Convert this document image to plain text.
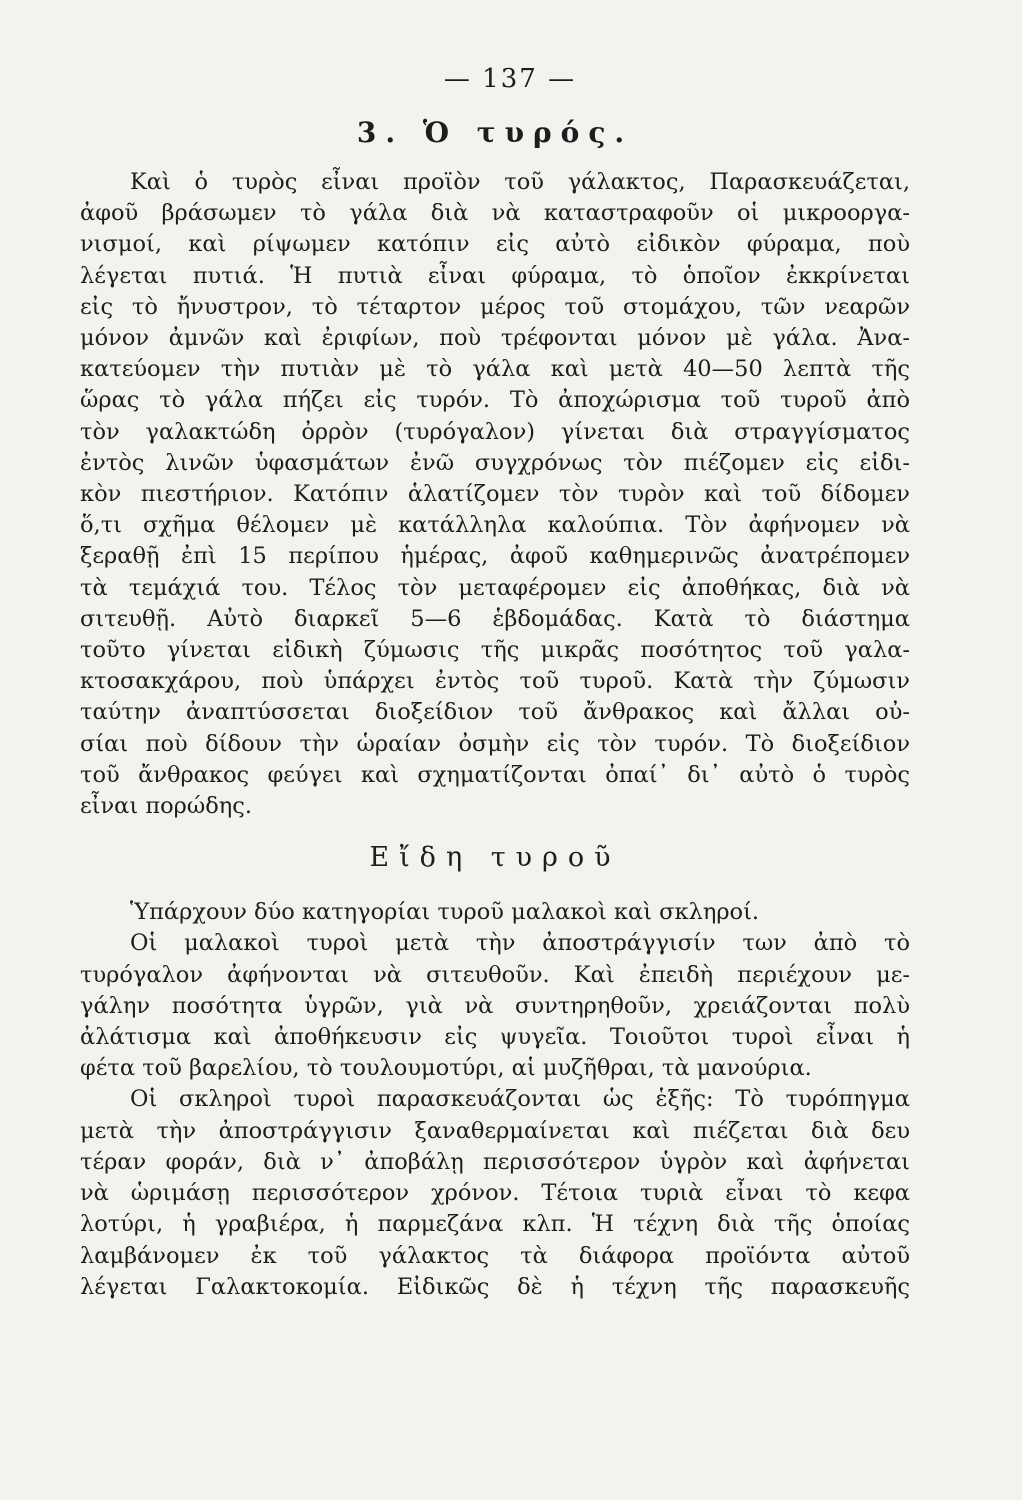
— 137 —
3. Ὁ τυρός.
Καὶ ὁ τυρὸς εἶναι προϊὸν τοῦ γάλακτος, Παρασκευάζεται,
ἀφοῦ βράσωμεν τὸ γάλα διὰ νὰ καταστραφοῦν οἱ μικροοργα-
νισμοί, καὶ ρίψωμεν κατόπιν εἰς αὐτὸ εἰδικὸν φύραμα, ποὺ
λέγεται πυτιά. Ἡ πυτιὰ εἶναι φύραμα, τὸ ὁποῖον ἐκκρίνεται
εἰς τὸ ἤνυστρον, τὸ τέταρτον μέρος τοῦ στομάχου, τῶν νεαρῶν
μόνον ἀμνῶν καὶ ἐριφίων, ποὺ τρέφονται μόνον μὲ γάλα. Ἀνα-
κατεύομεν τὴν πυτιὰν μὲ τὸ γάλα καὶ μετὰ 40—50 λεπτὰ τῆς
ὥρας τὸ γάλα πήζει εἰς τυρόν. Τὸ ἀποχώρισμα τοῦ τυροῦ ἀπὸ
τὸν γαλακτώδη ὀρρὸν (τυρόγαλον) γίνεται διὰ στραγγίσματος
ἐντὸς λινῶν ὑφασμάτων ἐνῶ συγχρόνως τὸν πιέζομεν εἰς εἰδι-
κὸν πιεστήριον. Κατόπιν ἁλατίζομεν τὸν τυρὸν καὶ τοῦ δίδομεν
ὅ,τι σχῆμα θέλομεν μὲ κατάλληλα καλούπια. Τὸν ἀφήνομεν νὰ
ξεραθῇ ἐπὶ 15 περίπου ἡμέρας, ἀφοῦ καθημερινῶς ἀνατρέπομεν
τὰ τεμάχιά του. Τέλος τὸν μεταφέρομεν εἰς ἀποθήκας, διὰ νὰ
σιτευθῇ. Αὐτὸ διαρκεῖ 5—6 ἑβδομάδας. Κατὰ τὸ διάστημα
τοῦτο γίνεται εἰδικὴ ζύμωσις τῆς μικρᾶς ποσότητος τοῦ γαλα-
κτοσακχάρου, ποὺ ὑπάρχει ἐντὸς τοῦ τυροῦ. Κατὰ τὴν ζύμωσιν
ταύτην ἀναπτύσσεται διοξείδιον τοῦ ἄνθρακος καὶ ἄλλαι οὐ-
σίαι ποὺ δίδουν τὴν ὡραίαν ὀσμὴν εἰς τὸν τυρόν. Τὸ διοξείδιον
τοῦ ἄνθρακος φεύγει καὶ σχηματίζονται ὀπαί᾽ δι᾽ αὐτὸ ὁ τυρὸς
εἶναι πορώδης.
Εἴδη τυροῦ
Ὑπάρχουν δύο κατηγορίαι τυροῦ μαλακοὶ καὶ σκληροί.
Οἱ μαλακοὶ τυροὶ μετὰ τὴν ἀποστράγγισίν των ἀπὸ τὸ
τυρόγαλον ἀφήνονται νὰ σιτευθοῦν. Καὶ ἐπειδὴ περιέχουν με-
γάλην ποσότητα ὑγρῶν, γιὰ νὰ συντηρηθοῦν, χρειάζονται πολὺ
ἀλάτισμα καὶ ἀποθήκευσιν εἰς ψυγεῖα. Τοιοῦτοι τυροὶ εἶναι ἡ
φέτα τοῦ βαρελίου, τὸ τουλουμοτύρι, αἱ μυζῆθραι, τὰ μανούρια.
Οἱ σκληροὶ τυροὶ παρασκευάζονται ὡς ἑξῆς: Τὸ τυρόπηγμα
μετὰ τὴν ἀποστράγγισιν ξαναθερμαίνεται καὶ πιέζεται διὰ δευ
τέραν φοράν, διὰ ν᾽ ἀποβάλῃ περισσότερον ὑγρὸν καὶ ἀφήνεται
νὰ ὡριμάσῃ περισσότερον χρόνον. Τέτοια τυριὰ εἶναι τὸ κεφα
λοτύρι, ἡ γραβιέρα, ἡ παρμεζάνα κλπ. Ἡ τέχνη διὰ τῆς ὁποίας
λαμβάνομεν ἐκ τοῦ γάλακτος τὰ διάφορα προϊόντα αὐτοῦ
λέγεται Γαλακτοκομία. Εἰδικῶς δὲ ἡ τέχνη τῆς παρασκευῆς
